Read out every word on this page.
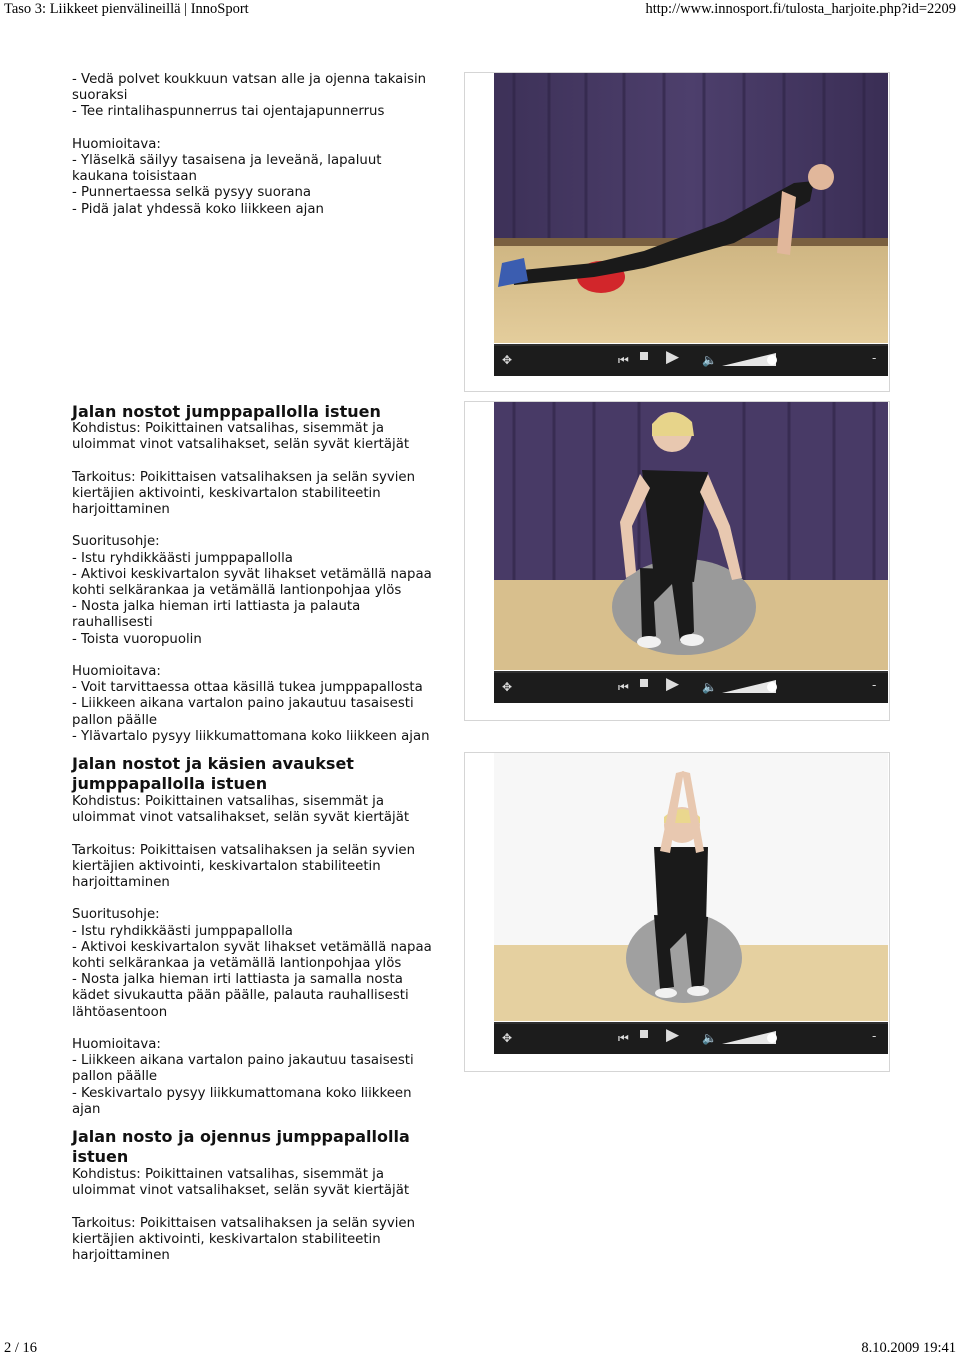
Taso 3: Liikkeet pienvälineillä | InnoSport	http://www.innosport.fi/tulosta_harjoite.php?id=2209
- Vedä polvet koukkuun vatsan alle ja ojenna takaisin
suoraksi
- Tee rintalihaspunnerrus tai ojentajapunnerrus

Huomioitava:
- Yläselkä säilyy tasaisena ja leveänä, lapaluut
kaukana toisistaan
- Punnertaessa selkä pysyy suorana
- Pidä jalat yhdessä koko liikkeen ajan
Jalan nostot jumppapallolla istuen
Kohdistus: Poikittainen vatsalihas, sisemmät ja
uloimmat vinot vatsalihakset, selän syvät kiertäjät

Tarkoitus: Poikittaisen vatsalihaksen ja selän syvien
kiertäjien aktivointi, keskivartalon stabiliteetin
harjoittaminen

Suoritusohje:
- Istu ryhdikkäästi jumppapallolla
- Aktivoi keskivartalon syvät lihakset vetämällä napaa
kohti selkärankaa ja vetämällä lantionpohjaa ylös
- Nosta jalka hieman irti lattiasta ja palauta
rauhallisesti
- Toista vuoropuolin

Huomioitava:
- Voit tarvittaessa ottaa käsillä tukea jumppapallosta
- Liikkeen aikana vartalon paino jakautuu tasaisesti
pallon päälle
- Ylävartalo pysyy liikkumattomana koko liikkeen ajan
Jalan nostot ja käsien avaukset jumppapallolla istuen
Kohdistus: Poikittainen vatsalihas, sisemmät ja
uloimmat vinot vatsalihakset, selän syvät kiertäjät

Tarkoitus: Poikittaisen vatsalihaksen ja selän syvien
kiertäjien aktivointi, keskivartalon stabiliteetin
harjoittaminen

Suoritusohje:
- Istu ryhdikkäästi jumppapallolla
- Aktivoi keskivartalon syvät lihakset vetämällä napaa
kohti selkärankaa ja vetämällä lantionpohjaa ylös
- Nosta jalka hieman irti lattiasta ja samalla nosta
kädet sivukautta pään päälle, palauta rauhallisesti
lähtöasentoon

Huomioitava:
- Liikkeen aikana vartalon paino jakautuu tasaisesti
pallon päälle
- Keskivartalo pysyy liikkumattomana koko liikkeen
ajan
Jalan nosto ja ojennus jumppapallolla istuen
Kohdistus: Poikittainen vatsalihas, sisemmät ja
uloimmat vinot vatsalihakset, selän syvät kiertäjät

Tarkoitus: Poikittaisen vatsalihaksen ja selän syvien
kiertäjien aktivointi, keskivartalon stabiliteetin
harjoittaminen
✥	⏮ ▶ 🔈	-
✥	⏮ ▶ 🔈	-
✥	⏮ ▶ 🔈	-
2 / 16	8.10.2009 19:41
